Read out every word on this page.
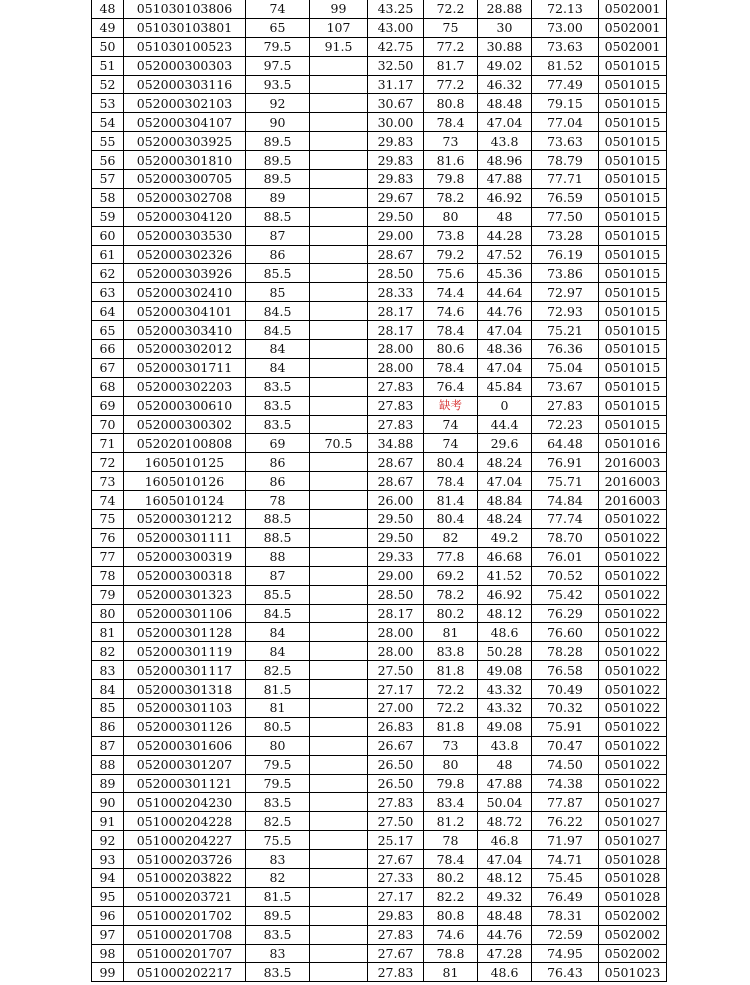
48	051030103806	74	99	43.25	72.2	28.88	72.13	0502001
49	051030103801	65	107	43.00	75	30	73.00	0502001
50	051030100523	79.5	91.5	42.75	77.2	30.88	73.63	0502001
51	052000300303	97.5		32.50	81.7	49.02	81.52	0501015
52	052000303116	93.5		31.17	77.2	46.32	77.49	0501015
53	052000302103	92		30.67	80.8	48.48	79.15	0501015
54	052000304107	90		30.00	78.4	47.04	77.04	0501015
55	052000303925	89.5		29.83	73	43.8	73.63	0501015
56	052000301810	89.5		29.83	81.6	48.96	78.79	0501015
57	052000300705	89.5		29.83	79.8	47.88	77.71	0501015
58	052000302708	89		29.67	78.2	46.92	76.59	0501015
59	052000304120	88.5		29.50	80	48	77.50	0501015
60	052000303530	87		29.00	73.8	44.28	73.28	0501015
61	052000302326	86		28.67	79.2	47.52	76.19	0501015
62	052000303926	85.5		28.50	75.6	45.36	73.86	0501015
63	052000302410	85		28.33	74.4	44.64	72.97	0501015
64	052000304101	84.5		28.17	74.6	44.76	72.93	0501015
65	052000303410	84.5		28.17	78.4	47.04	75.21	0501015
66	052000302012	84		28.00	80.6	48.36	76.36	0501015
67	052000301711	84		28.00	78.4	47.04	75.04	0501015
68	052000302203	83.5		27.83	76.4	45.84	73.67	0501015
69	052000300610	83.5		27.83	缺考	0	27.83	0501015
70	052000300302	83.5		27.83	74	44.4	72.23	0501015
71	052020100808	69	70.5	34.88	74	29.6	64.48	0501016
72	1605010125	86		28.67	80.4	48.24	76.91	2016003
73	1605010126	86		28.67	78.4	47.04	75.71	2016003
74	1605010124	78		26.00	81.4	48.84	74.84	2016003
75	052000301212	88.5		29.50	80.4	48.24	77.74	0501022
76	052000301111	88.5		29.50	82	49.2	78.70	0501022
77	052000300319	88		29.33	77.8	46.68	76.01	0501022
78	052000300318	87		29.00	69.2	41.52	70.52	0501022
79	052000301323	85.5		28.50	78.2	46.92	75.42	0501022
80	052000301106	84.5		28.17	80.2	48.12	76.29	0501022
81	052000301128	84		28.00	81	48.6	76.60	0501022
82	052000301119	84		28.00	83.8	50.28	78.28	0501022
83	052000301117	82.5		27.50	81.8	49.08	76.58	0501022
84	052000301318	81.5		27.17	72.2	43.32	70.49	0501022
85	052000301103	81		27.00	72.2	43.32	70.32	0501022
86	052000301126	80.5		26.83	81.8	49.08	75.91	0501022
87	052000301606	80		26.67	73	43.8	70.47	0501022
88	052000301207	79.5		26.50	80	48	74.50	0501022
89	052000301121	79.5		26.50	79.8	47.88	74.38	0501022
90	051000204230	83.5		27.83	83.4	50.04	77.87	0501027
91	051000204228	82.5		27.50	81.2	48.72	76.22	0501027
92	051000204227	75.5		25.17	78	46.8	71.97	0501027
93	051000203726	83		27.67	78.4	47.04	74.71	0501028
94	051000203822	82		27.33	80.2	48.12	75.45	0501028
95	051000203721	81.5		27.17	82.2	49.32	76.49	0501028
96	051000201702	89.5		29.83	80.8	48.48	78.31	0502002
97	051000201708	83.5		27.83	74.6	44.76	72.59	0502002
98	051000201707	83		27.67	78.8	47.28	74.95	0502002
99	051000202217	83.5		27.83	81	48.6	76.43	0501023
